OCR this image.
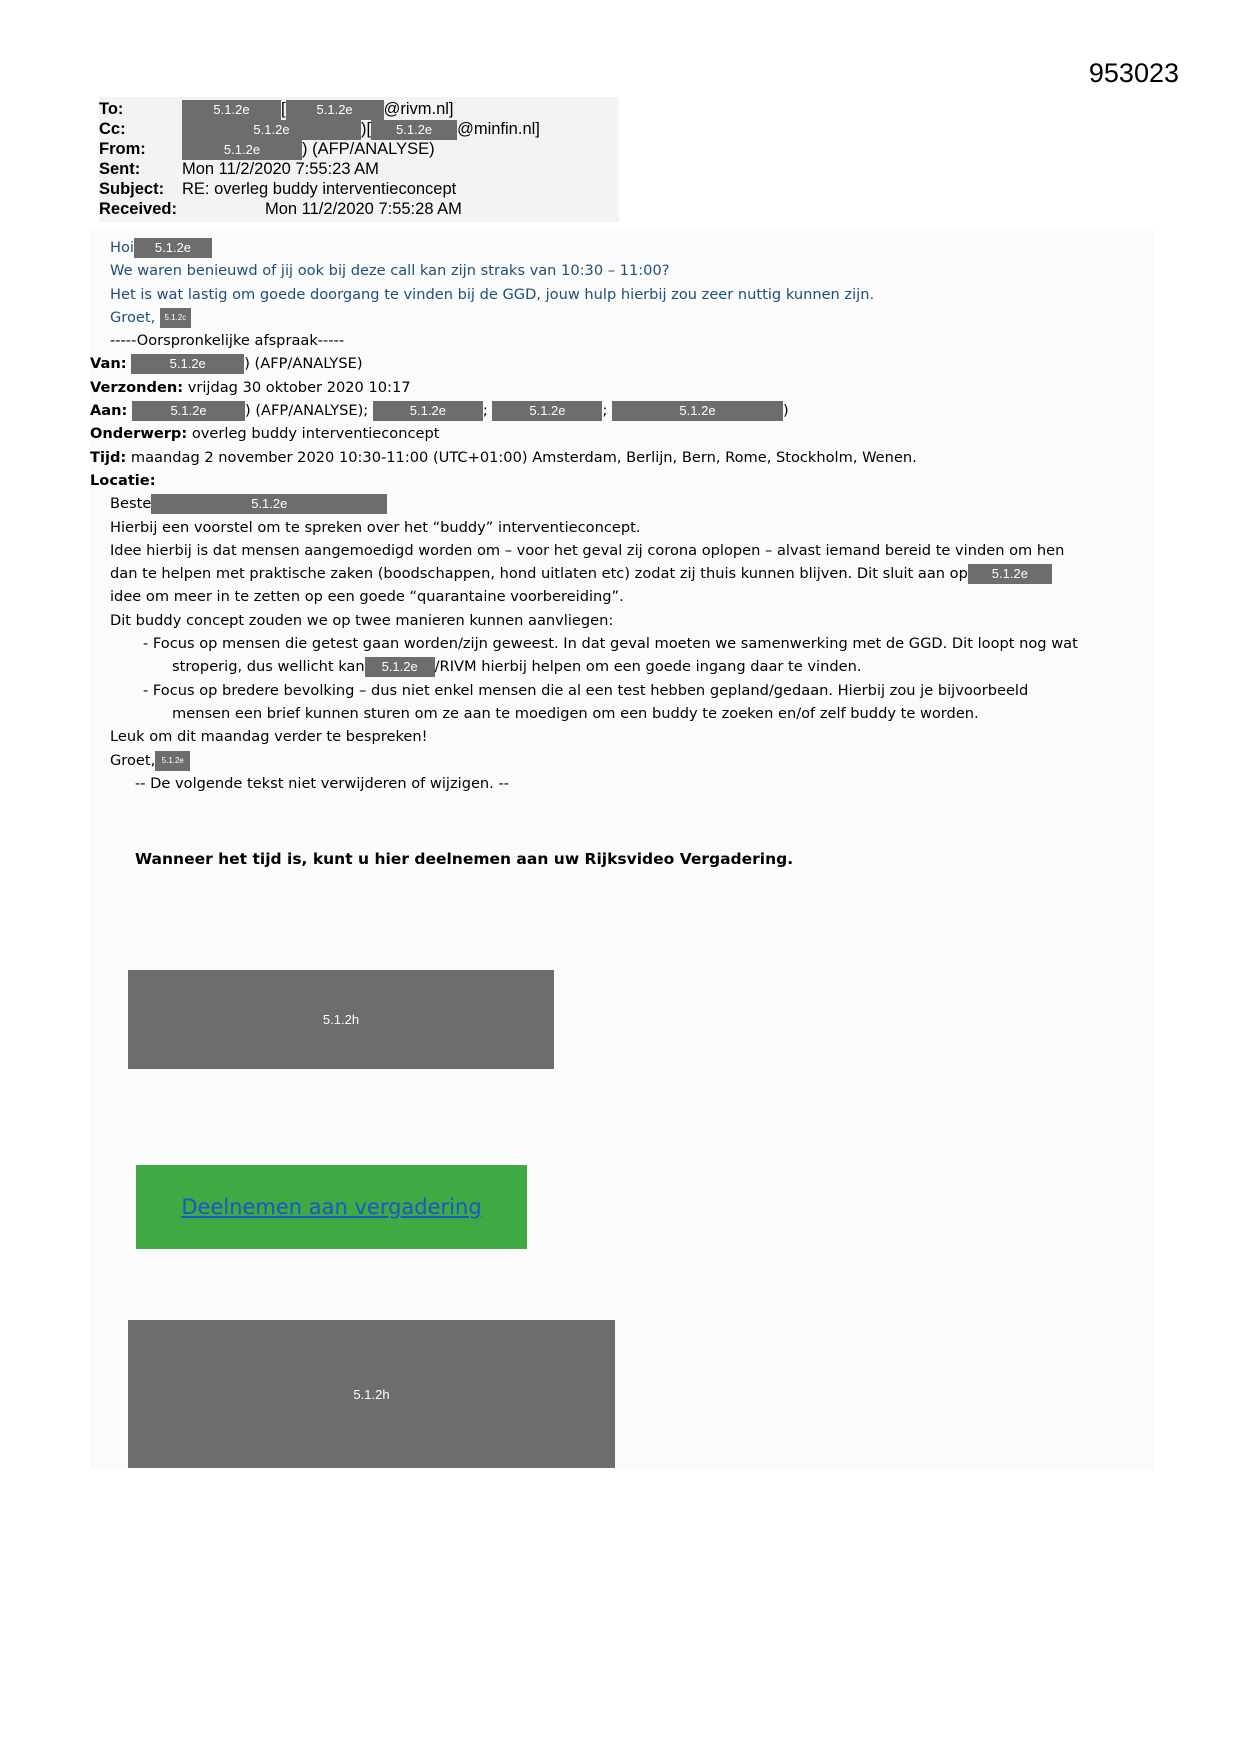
953023
To:	5.1.2e [ 5.1.2e @rivm.nl]
Cc:	5.1.2e	)[ 5.1.2e @minfin.nl]
From:	5.1.2e	) (AFP/ANALYSE)
Sent:	Mon 11/2/2020 7:55:23 AM
Subject: RE: overleg buddy interventieconcept
Received:	Mon 11/2/2020 7:55:28 AM
Hoi 5.1.2e
We waren benieuwd of jij ook bij deze call kan zijn straks van 10:30 – 11:00?
Het is wat lastig om goede doorgang te vinden bij de GGD, jouw hulp hierbij zou zeer nuttig kunnen zijn.
Groet, 5.1.2c
-----Oorspronkelijke afspraak-----
Van:	5.1.2e	) (AFP/ANALYSE)
Verzonden: vrijdag 30 oktober 2020 10:17
Aan:	5.1.2e	) (AFP/ANALYSE);	5.1.2e	;	5.1.2e	;	5.1.2e	)
Onderwerp: overleg buddy interventieconcept
Tijd: maandag 2 november 2020 10:30-11:00 (UTC+01:00) Amsterdam, Berlijn, Bern, Rome, Stockholm, Wenen.
Locatie:
Beste	5.1.2e
Hierbij een voorstel om te spreken over het “buddy” interventieconcept.
Idee hierbij is dat mensen aangemoedigd worden om – voor het geval zij corona oplopen – alvast iemand bereid te vinden om hen
dan te helpen met praktische zaken (boodschappen, hond uitlaten etc) zodat zij thuis kunnen blijven. Dit sluit aan op 5.1.2e
idee om meer in te zetten op een goede “quarantaine voorbereiding”.
Dit buddy concept zouden we op twee manieren kunnen aanvliegen:
- Focus op mensen die getest gaan worden/zijn geweest. In dat geval moeten we samenwerking met de GGD. Dit loopt nog wat
stroperig, dus wellicht kan 5.1.2e /RIVM hierbij helpen om een goede ingang daar te vinden.
- Focus op bredere bevolking – dus niet enkel mensen die al een test hebben gepland/gedaan. Hierbij zou je bijvoorbeeld
mensen een brief kunnen sturen om ze aan te moedigen om een buddy te zoeken en/of zelf buddy te worden.
Leuk om dit maandag verder te bespreken!
Groet, 5.1.2e
-- De volgende tekst niet verwijderen of wijzigen. --
Wanneer het tijd is, kunt u hier deelnemen aan uw Rijksvideo Vergadering.
5.1.2h
Deelnemen aan vergadering
5.1.2h
